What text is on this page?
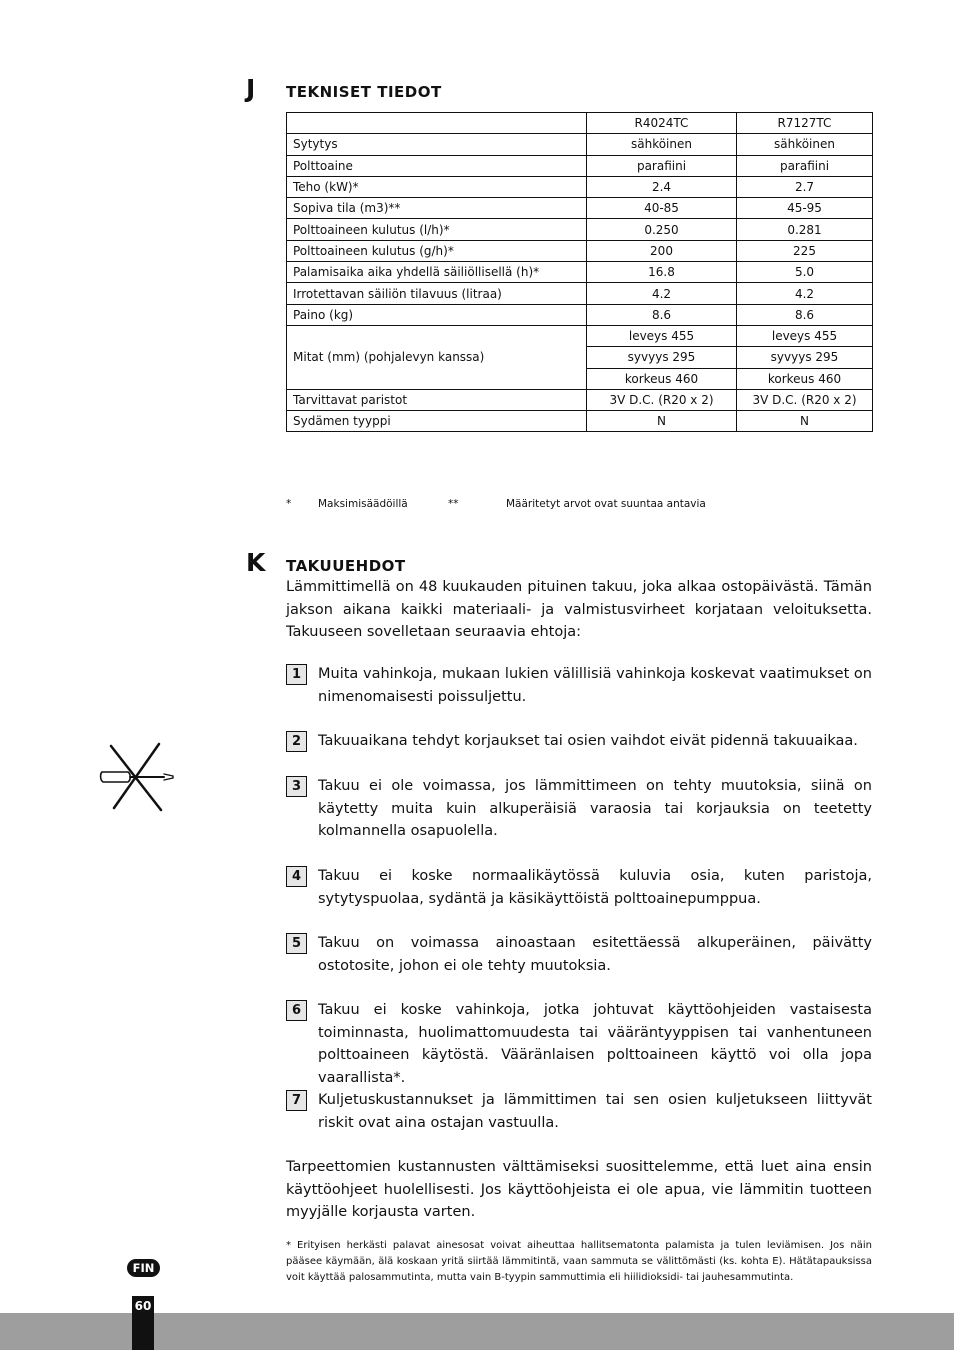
J TEKNISET TIEDOT
	R4024TC	R7127TC
Sytytys	sähköinen	sähköinen
Polttoaine	parafiini	parafiini
Teho (kW)*	2.4	2.7
Sopiva tila (m3)**	40-85	45-95
Polttoaineen kulutus (l/h)*	0.250	0.281
Polttoaineen kulutus (g/h)*	200	225
Palamisaika aika yhdellä säiliöllisellä (h)*	16.8	5.0
Irrotettavan säiliön tilavuus (litraa)	4.2	4.2
Paino (kg)	8.6	8.6
Mitat (mm) (pohjalevyn kanssa)	leveys 455	leveys 455
	syvyys 295	syvyys 295
	korkeus 460	korkeus 460
Tarvittavat paristot	3V D.C. (R20 x 2)	3V D.C. (R20 x 2)
Sydämen tyyppi	N	N
*	Maksimisäädöillä	**	Määritetyt arvot ovat suuntaa antavia
K TAKUUEHDOT
Lämmittimellä on 48 kuukauden pituinen takuu, joka alkaa ostopäivästä. Tämän jakson aikana kaikki materiaali- ja valmistusvirheet korjataan veloituksetta. Takuuseen sovelletaan seuraavia ehtoja:
1	Muita vahinkoja, mukaan lukien välillisiä vahinkoja koskevat vaatimukset on nimenomaisesti poissuljettu.
2	Takuuaikana tehdyt korjaukset tai osien vaihdot eivät pidennä takuuaikaa.
3	Takuu ei ole voimassa, jos lämmittimeen on tehty muutoksia, siinä on käytetty muita kuin alkuperäisiä varaosia tai korjauksia on teetetty kolmannella osapuolella.
4	Takuu ei koske normaalikäytössä kuluvia osia, kuten paristoja, sytytyspuolaa, sydäntä ja käsikäyttöistä polttoainepumppua.
5	Takuu on voimassa ainoastaan esitettäessä alkuperäinen, päivätty ostotosite, johon ei ole tehty muutoksia.
6	Takuu ei koske vahinkoja, jotka johtuvat käyttöohjeiden vastaisesta toiminnasta, huolimattomuudesta tai vääräntyyppisen tai vanhentuneen polttoaineen käytöstä. Vääränlaisen polttoaineen käyttö voi olla jopa vaarallista*.
7	Kuljetuskustannukset ja lämmittimen tai sen osien kuljetukseen liittyvät riskit ovat aina ostajan vastuulla.
Tarpeettomien kustannusten välttämiseksi suosittelemme, että luet aina ensin käyttöohjeet huolellisesti. Jos käyttöohjeista ei ole apua, vie lämmitin tuotteen myyjälle korjausta varten.
* Erityisen herkästi palavat ainesosat voivat aiheuttaa hallitsematonta palamista ja tulen leviämisen. Jos näin pääsee käymään, älä koskaan yritä siirtää lämmitintä, vaan sammuta se välittömästi (ks. kohta E). Hätätapauksissa voit käyttää palosammutinta, mutta vain B-tyypin sammuttimia eli hiilidioksidi- tai jauhesammutinta.
FIN
60
